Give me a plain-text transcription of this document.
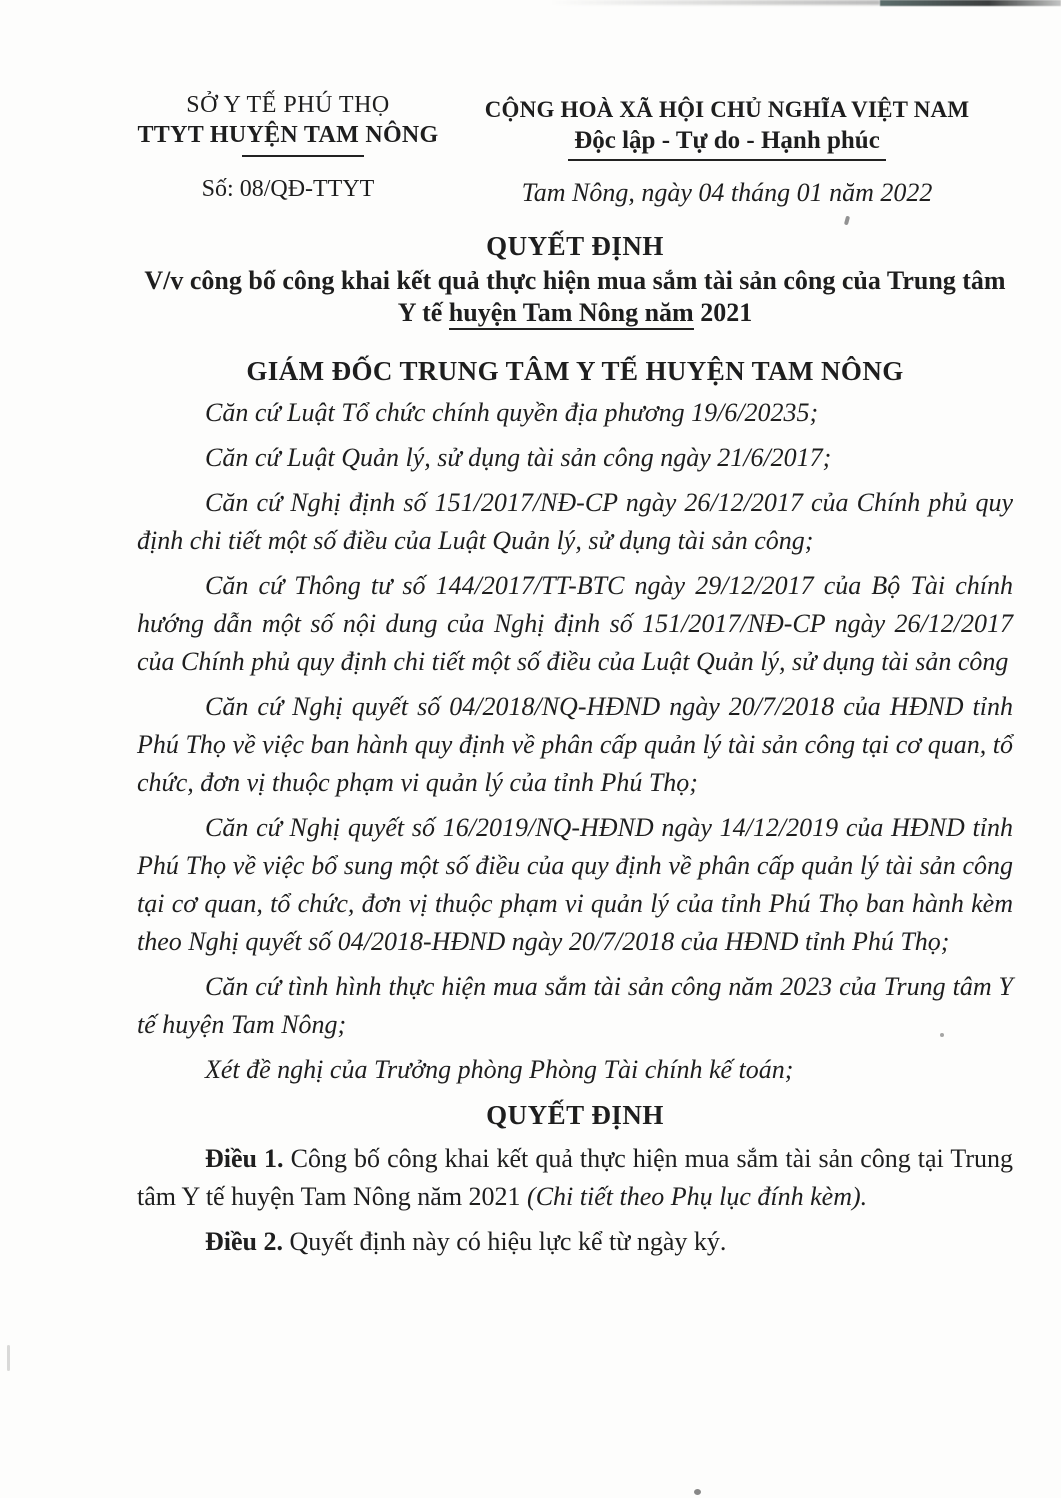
SỞ Y TẾ PHÚ THỌ
TTYT HUYỆN TAM NÔNG
Số: 08/QĐ-TTYT
CỘNG HOÀ XÃ HỘI CHỦ NGHĨA VIỆT NAM
Độc lập - Tự do - Hạnh phúc
Tam Nông, ngày 04 tháng 01 năm 2022
QUYẾT ĐỊNH
V/v công bố công khai kết quả thực hiện mua sắm tài sản công của Trung tâm
Y tế huyện Tam Nông năm 2021
GIÁM ĐỐC TRUNG TÂM Y TẾ HUYỆN TAM NÔNG

Căn cứ Luật Tổ chức chính quyền địa phương 19/6/20235;

Căn cứ Luật Quản lý, sử dụng tài sản công ngày 21/6/2017;

Căn cứ Nghị định số 151/2017/NĐ-CP ngày 26/12/2017 của Chính phủ quy định chi tiết một số điều của Luật Quản lý, sử dụng tài sản công;

Căn cứ Thông tư số 144/2017/TT-BTC ngày 29/12/2017 của Bộ Tài chính hướng dẫn một số nội dung của Nghị định số 151/2017/NĐ-CP ngày 26/12/2017 của Chính phủ quy định chi tiết một số điều của Luật Quản lý, sử dụng tài sản công

Căn cứ Nghị quyết số 04/2018/NQ-HĐND ngày 20/7/2018 của HĐND tỉnh Phú Thọ về việc ban hành quy định về phân cấp quản lý tài sản công tại cơ quan, tổ chức, đơn vị thuộc phạm vi quản lý của tỉnh Phú Thọ;

Căn cứ Nghị quyết số 16/2019/NQ-HĐND ngày 14/12/2019 của HĐND tỉnh Phú Thọ về việc bổ sung một số điều của quy định về phân cấp quản lý tài sản công tại cơ quan, tổ chức, đơn vị thuộc phạm vi quản lý của tỉnh Phú Thọ ban hành kèm theo Nghị quyết số 04/2018-HĐND ngày 20/7/2018 của HĐND tỉnh Phú Thọ;

Căn cứ tình hình thực hiện mua sắm tài sản công năm 2023 của Trung tâm Y tế huyện Tam Nông;

Xét đề nghị của Trưởng phòng Phòng Tài chính kế toán;

QUYẾT ĐỊNH

Điều 1. Công bố công khai kết quả thực hiện mua sắm tài sản công tại Trung tâm Y tế huyện Tam Nông năm 2021 (Chi tiết theo Phụ lục đính kèm).

Điều 2. Quyết định này có hiệu lực kể từ ngày ký.
